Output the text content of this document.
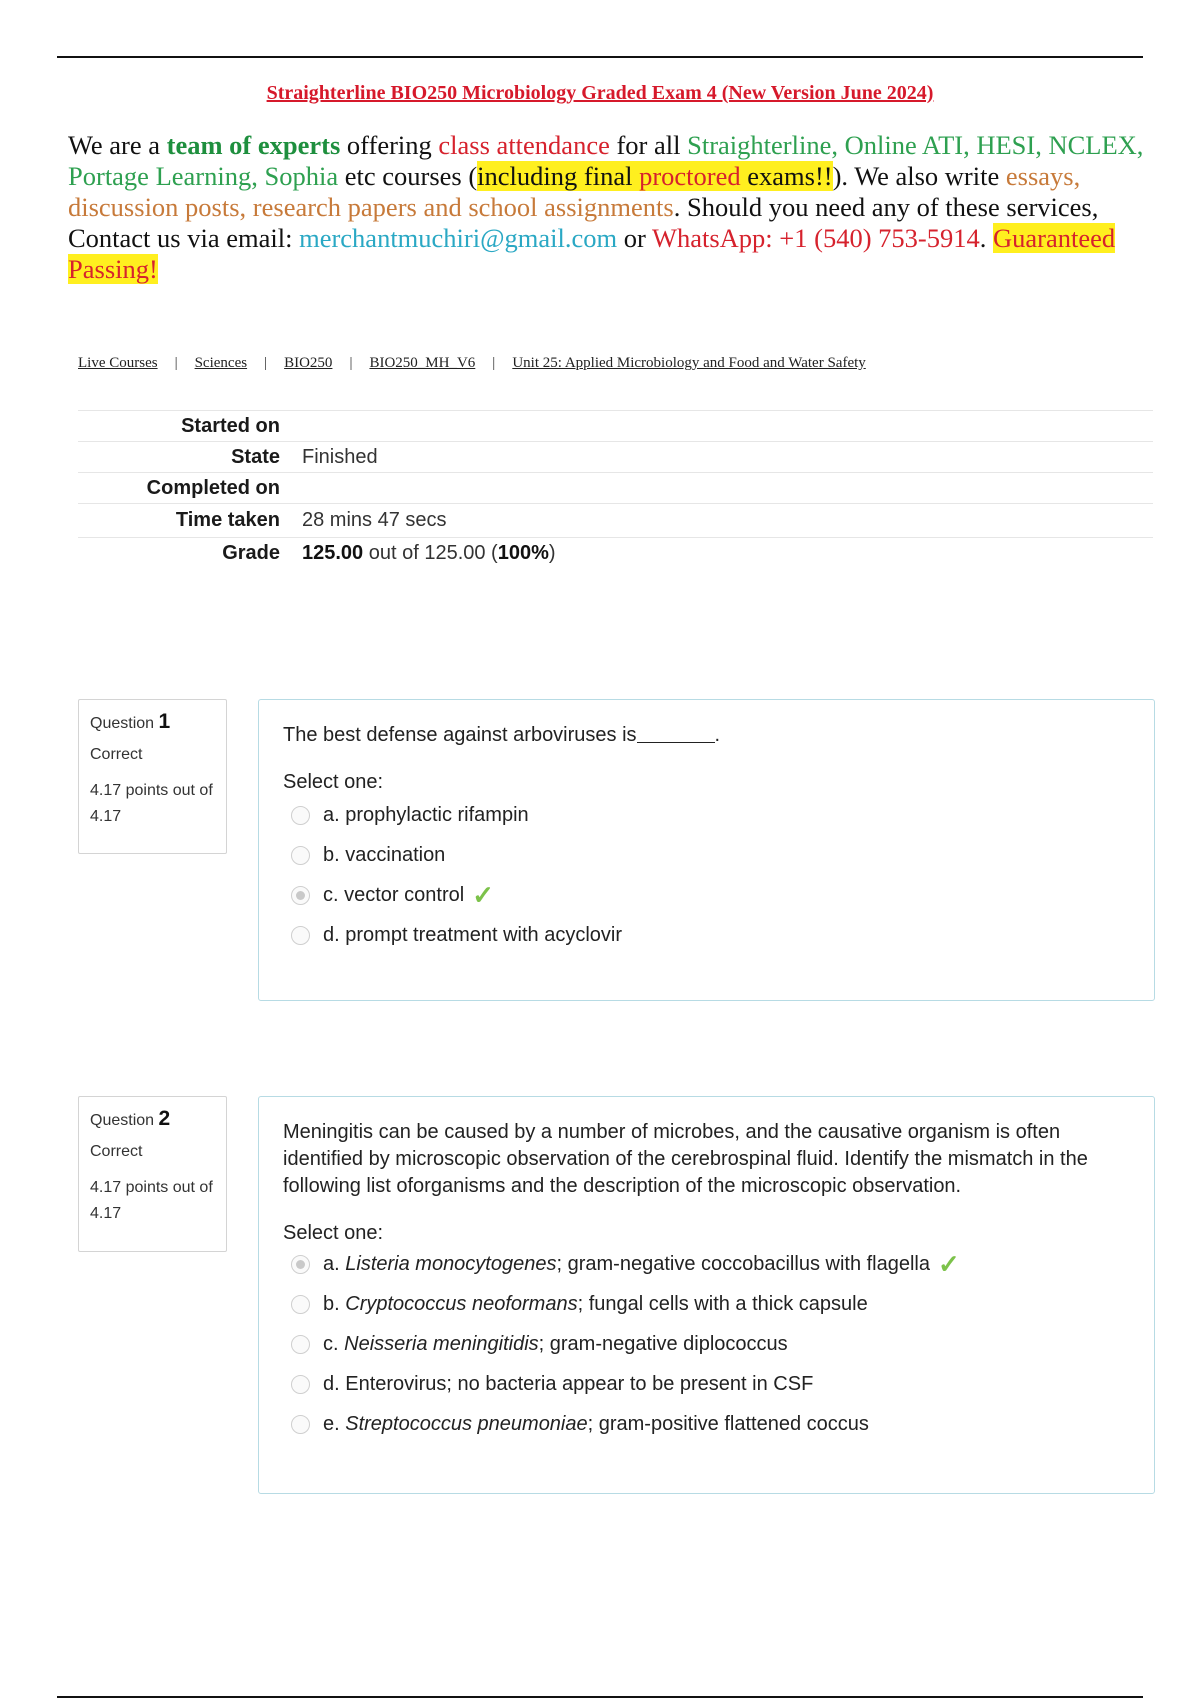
Straighterline BIO250 Microbiology Graded Exam 4 (New Version June 2024)
We are a team of experts offering class attendance for all Straighterline, Online ATI, HESI, NCLEX, Portage Learning, Sophia etc courses (including final proctored exams!!). We also write essays, discussion posts, research papers and school assignments. Should you need any of these services, Contact us via email: merchantmuchiri@gmail.com or WhatsApp: +1 (540) 753-5914. Guaranteed Passing!
Live Courses | Sciences | BIO250 | BIO250_MH_V6 | Unit 25: Applied Microbiology and Food and Water Safety
Started on
State Finished
Completed on
Time taken 28 mins 47 secs
Grade 125.00 out of 125.00 (100%)
Question 1
Correct
4.17 points out of 4.17
The best defense against arboviruses is	.
Select one:
a.
prophylactic rifampin
b.
vaccination
c.
vector control ✓
d.
prompt treatment with acyclovir
Question 2
Correct
4.17 points out of 4.17
Meningitis can be caused by a number of microbes, and the causative organism is often identified by microscopic observation of the cerebrospinal fluid. Identify the mismatch in the following list oforganisms and the description of the microscopic observation.
Select one:
a.
Listeria monocytogenes ; gram-negative coccobacillus with flagella ✓
b.
Cryptococcus neoformans ; fungal cells with a thick capsule
c.
Neisseria meningitidis ; gram-negative diplococcus
d.
Enterovirus; no bacteria appear to be present in CSF
e.
Streptococcus pneumoniae ; gram-positive flattened coccus
